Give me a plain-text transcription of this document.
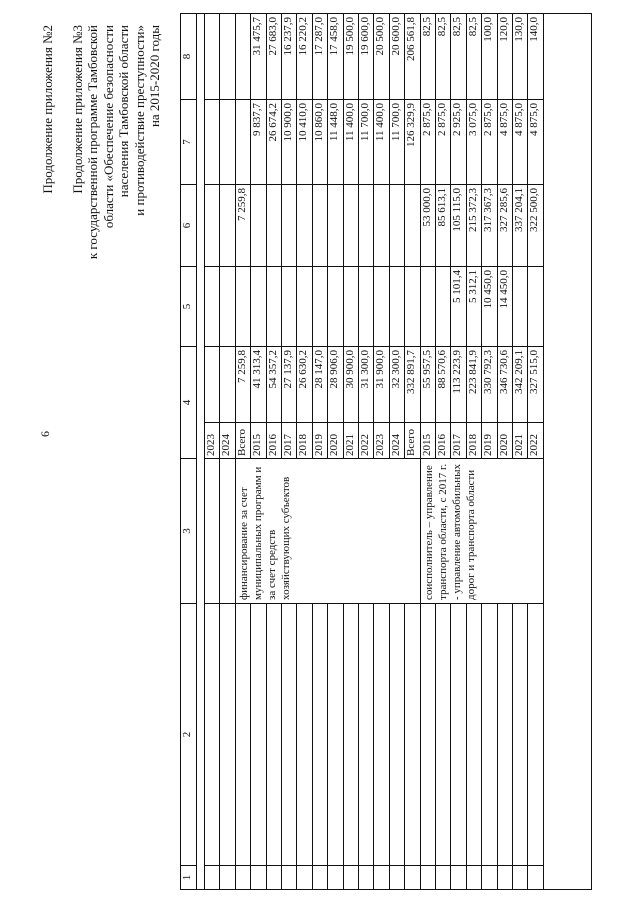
6
Продолжение приложения №2 Продолжение приложения №3 к государственной программе Тамбовской области «Обеспечение безопасности населения Тамбовской области и противодействие преступности» на 2015-2020 годы
1
2
3
4
5
6
7
8
2023 2024 Всего
7 259,8
7 259,8
2015
41 313,4
9 837,7
31 475,7
2016
54 357,2
26 674,2
27 683,0
2017
27 137,9
10 900,0
16 237,9
2018
26 630,2
10 410,0
16 220,2
2019
28 147,0
10 860,0
17 287,0
2020
28 906,0
11 448,0
17 458,0
2021
30 900,0
11 400,0
19 500,0
2022
31 300,0
11 700,0
19 600,0
2023
31 900,0
11 400,0
20 500,0
2024
32 300,0
11 700,0
20 600,0
Всего
332 891,7
126 329,9
206 561,8
финансирование за счет муниципальных программ и за счет средств хозяйствующих субъектов
2015
55 957,5
53 000,0
2 875,0
82,5
2016
88 570,6
85 613,1
2 875,0
82,5
2017
113 223,9
5 101,4
105 115,0
2 925,0
82,5
2018
223 841,9
5 312,1
215 372,3
3 075,0
82,5
2019
330 792,3
10 450,0
317 367,3
2 875,0
100,0
2020
346 730,6
14 450,0
327 285,6
4 875,0
120,0
2021
342 209,1
337 204,1
4 875,0
130,0
2022
327 515,0
322 500,0
4 875,0
140,0
соисполнитель – управление транспорта области, с 2017 г. - управление автомобильных дорог и транспорта области
